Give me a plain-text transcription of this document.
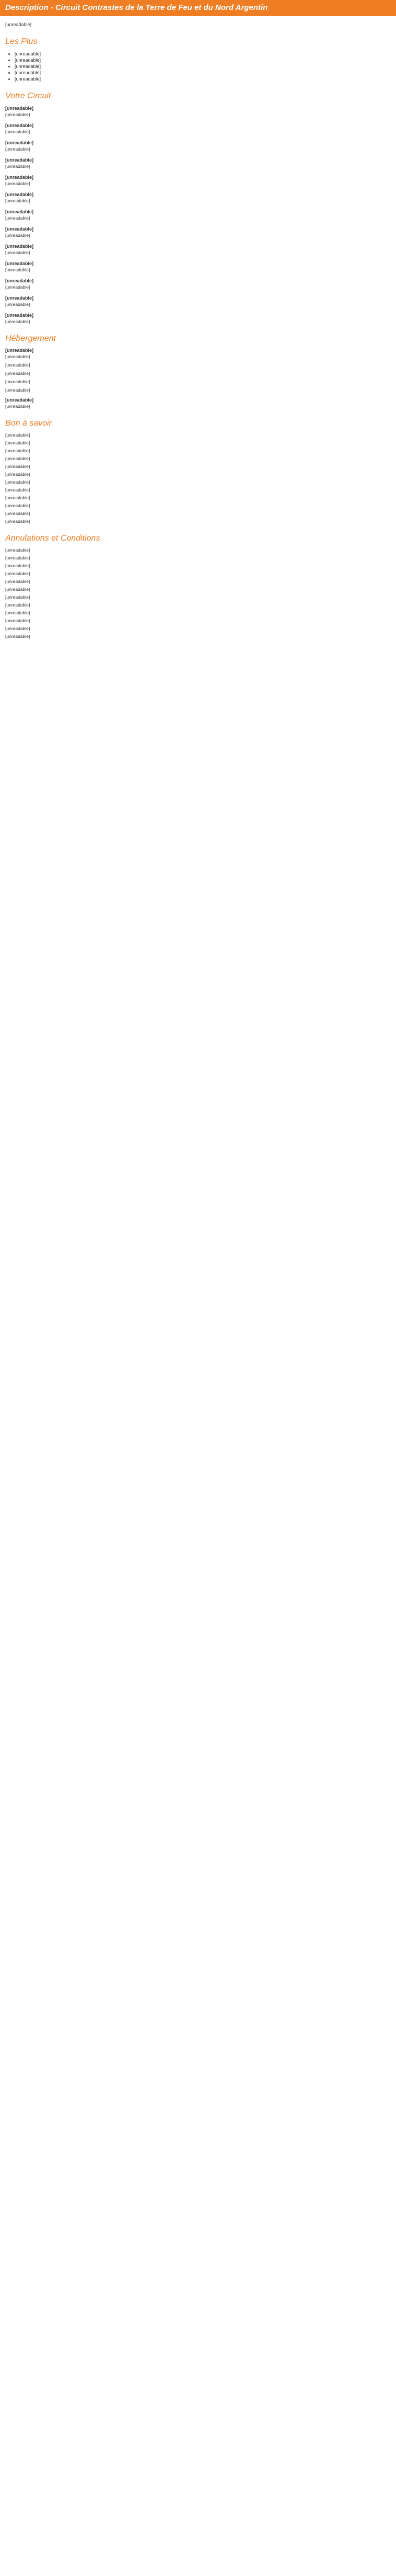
Description - Circuit Contrastes de la Terre de Feu et du Nord Argentin

[unreadable]

Les Plus
• [unreadable]
• [unreadable]
• [unreadable]
• [unreadable]
• [unreadable]
Votre Circuit
[unreadable]
[unreadable]
[unreadable]
[unreadable]
[unreadable]
[unreadable]
[unreadable]
[unreadable]
[unreadable]
[unreadable]
[unreadable]
[unreadable]
[unreadable]
[unreadable]
[unreadable]
[unreadable]
[unreadable]
[unreadable]
[unreadable]
[unreadable]
[unreadable]
[unreadable]
[unreadable]
[unreadable]
[unreadable]
[unreadable]
Hébergement
[unreadable]
[unreadable]
[unreadable]
[unreadable]
[unreadable]
[unreadable]
[unreadable]
[unreadable]
Bon à savoir
[unreadable]
[unreadable]
[unreadable]
[unreadable]
[unreadable]
[unreadable]
[unreadable]
[unreadable]
[unreadable]
[unreadable]
[unreadable]
[unreadable]
Annulations et Conditions
[unreadable]
[unreadable]
[unreadable]
[unreadable]
[unreadable]
[unreadable]
[unreadable]
[unreadable]
[unreadable]
[unreadable]
[unreadable]
[unreadable]
